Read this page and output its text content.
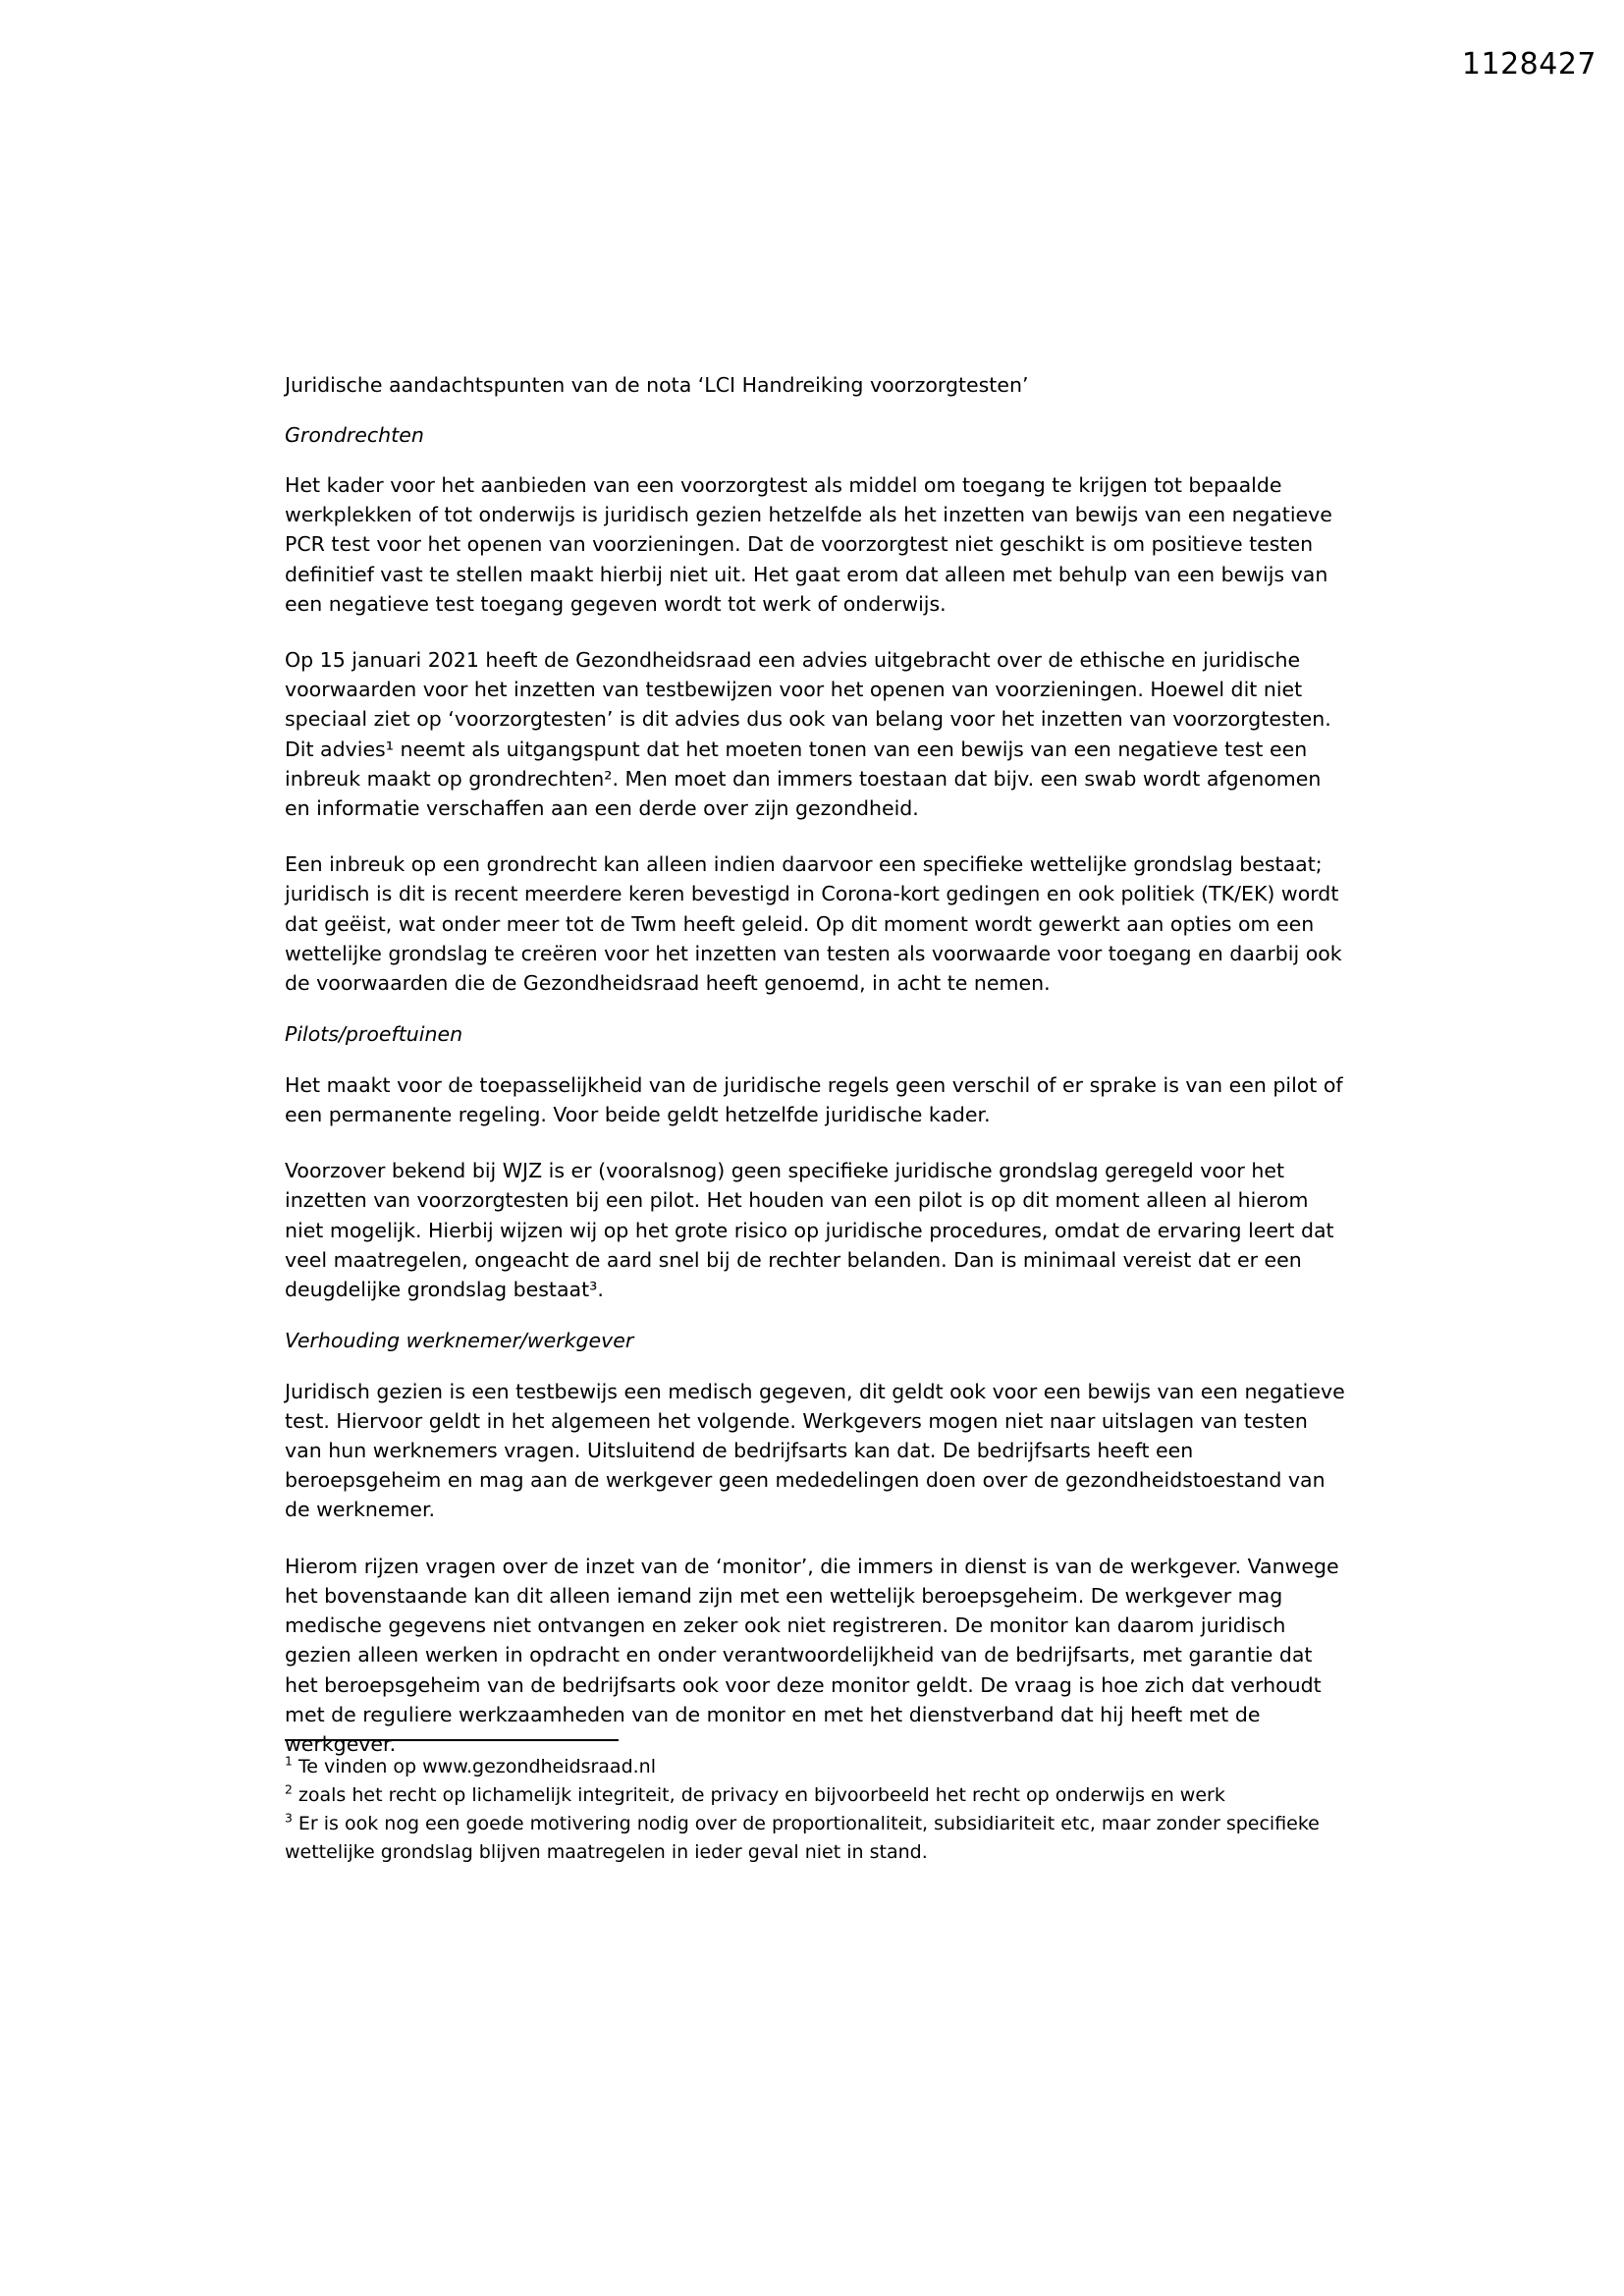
1128427

Juridische aandachtspunten van de nota ‘LCI Handreiking voorzorgtesten’

Grondrechten

Het kader voor het aanbieden van een voorzorgtest als middel om toegang te krijgen tot bepaalde werkplekken of tot onderwijs is juridisch gezien hetzelfde als het inzetten van bewijs van een negatieve PCR test voor het openen van voorzieningen. Dat de voorzorgtest niet geschikt is om positieve testen definitief vast te stellen maakt hierbij niet uit. Het gaat erom dat alleen met behulp van een bewijs van een negatieve test toegang gegeven wordt tot werk of onderwijs.

Op 15 januari 2021 heeft de Gezondheidsraad een advies uitgebracht over de ethische en juridische voorwaarden voor het inzetten van testbewijzen voor het openen van voorzieningen. Hoewel dit niet speciaal ziet op ‘voorzorgtesten’ is dit advies dus ook van belang voor het inzetten van voorzorgtesten. Dit advies¹ neemt als uitgangspunt dat het moeten tonen van een bewijs van een negatieve test een inbreuk maakt op grondrechten². Men moet dan immers toestaan dat bijv. een swab wordt afgenomen en informatie verschaffen aan een derde over zijn gezondheid.

Een inbreuk op een grondrecht kan alleen indien daarvoor een specifieke wettelijke grondslag bestaat; juridisch is dit is recent meerdere keren bevestigd in Corona-kort gedingen en ook politiek (TK/EK) wordt dat geëist, wat onder meer tot de Twm heeft geleid. Op dit moment wordt gewerkt aan opties om een wettelijke grondslag te creëren voor het inzetten van testen als voorwaarde voor toegang en daarbij ook de voorwaarden die de Gezondheidsraad heeft genoemd, in acht te nemen.

Pilots/proeftuinen

Het maakt voor de toepasselijkheid van de juridische regels geen verschil of er sprake is van een pilot of een permanente regeling. Voor beide geldt hetzelfde juridische kader.

Voorzover bekend bij WJZ is er (vooralsnog) geen specifieke juridische grondslag geregeld voor het inzetten van voorzorgtesten bij een pilot. Het houden van een pilot is op dit moment alleen al hierom niet mogelijk. Hierbij wijzen wij op het grote risico op juridische procedures, omdat de ervaring leert dat veel maatregelen, ongeacht de aard snel bij de rechter belanden. Dan is minimaal vereist dat er een deugdelijke grondslag bestaat³.

Verhouding werknemer/werkgever

Juridisch gezien is een testbewijs een medisch gegeven, dit geldt ook voor een bewijs van een negatieve test. Hiervoor geldt in het algemeen het volgende. Werkgevers mogen niet naar uitslagen van testen van hun werknemers vragen. Uitsluitend de bedrijfsarts kan dat. De bedrijfsarts heeft een beroepsgeheim en mag aan de werkgever geen mededelingen doen over de gezondheidstoestand van de werknemer.

Hierom rijzen vragen over de inzet van de ‘monitor’, die immers in dienst is van de werkgever. Vanwege het bovenstaande kan dit alleen iemand zijn met een wettelijk beroepsgeheim. De werkgever mag medische gegevens niet ontvangen en zeker ook niet registreren. De monitor kan daarom juridisch gezien alleen werken in opdracht en onder verantwoordelijkheid van de bedrijfsarts, met garantie dat het beroepsgeheim van de bedrijfsarts ook voor deze monitor geldt. De vraag is hoe zich dat verhoudt met de reguliere werkzaamheden van de monitor en met het dienstverband dat hij heeft met de werkgever.

$^1$ Te vinden op www.gezondheidsraad.nl

$^2$ zoals het recht op lichamelijk integriteit, de privacy en bijvoorbeeld het recht op onderwijs en werk

$^3$ Er is ook nog een goede motivering nodig over de proportionaliteit, subsidiariteit etc, maar zonder specifieke wettelijke grondslag blijven maatregelen in ieder geval niet in stand.
